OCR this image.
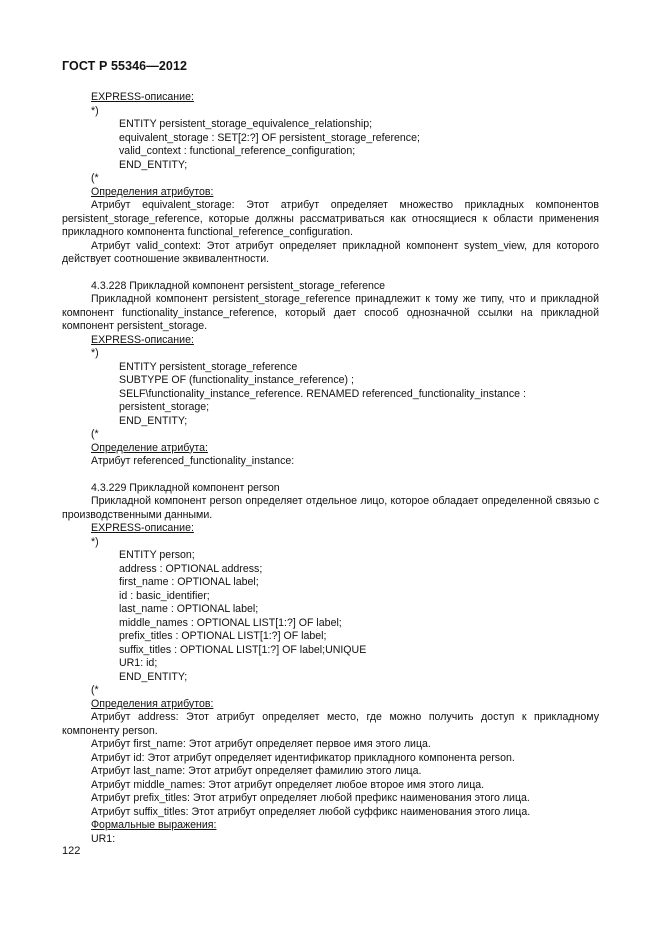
ГОСТ Р 55346—2012
EXPRESS-описание:
*)
ENTITY persistent_storage_equivalence_relationship;
equivalent_storage : SET[2:?] OF persistent_storage_reference;
valid_context : functional_reference_configuration;
END_ENTITY;
(*
Определения атрибутов:
Атрибут equivalent_storage: Этот атрибут определяет множество прикладных компонентов persistent_storage_reference, которые должны рассматриваться как относящиеся к области применения прикладного компонента functional_reference_configuration.
Атрибут valid_context: Этот атрибут определяет прикладной компонент system_view, для которого действует соотношение эквивалентности.
4.3.228 Прикладной компонент persistent_storage_reference
Прикладной компонент persistent_storage_reference принадлежит к тому же типу, что и прикладной компонент functionality_instance_reference, который дает способ однозначной ссылки на прикладной компонент persistent_storage.
EXPRESS-описание:
*)
ENTITY persistent_storage_reference
SUBTYPE OF (functionality_instance_reference) ;
SELF\functionality_instance_reference. RENAMED referenced_functionality_instance : persistent_storage;
END_ENTITY;
(*
Определение атрибута:
Атрибут referenced_functionality_instance:
4.3.229 Прикладной компонент person
Прикладной компонент person определяет отдельное лицо, которое обладает определенной связью с производственными данными.
EXPRESS-описание:
*)
ENTITY person;
address : OPTIONAL address;
first_name : OPTIONAL label;
id : basic_identifier;
last_name : OPTIONAL label;
middle_names : OPTIONAL LIST[1:?] OF label;
prefix_titles : OPTIONAL LIST[1:?] OF label;
suffix_titles : OPTIONAL LIST[1:?] OF label;UNIQUE
UR1: id;
END_ENTITY;
(*
Определения атрибутов:
Атрибут address: Этот атрибут определяет место, где можно получить доступ к прикладному компоненту person.
Атрибут first_name: Этот атрибут определяет первое имя этого лица.
Атрибут id: Этот атрибут определяет идентификатор прикладного компонента person.
Атрибут last_name: Этот атрибут определяет фамилию этого лица.
Атрибут middle_names: Этот атрибут определяет любое второе имя этого лица.
Атрибут prefix_titles: Этот атрибут определяет любой префикс наименования этого лица.
Атрибут suffix_titles: Этот атрибут определяет любой суффикс наименования этого лица.
Формальные выражения:
UR1:
122
